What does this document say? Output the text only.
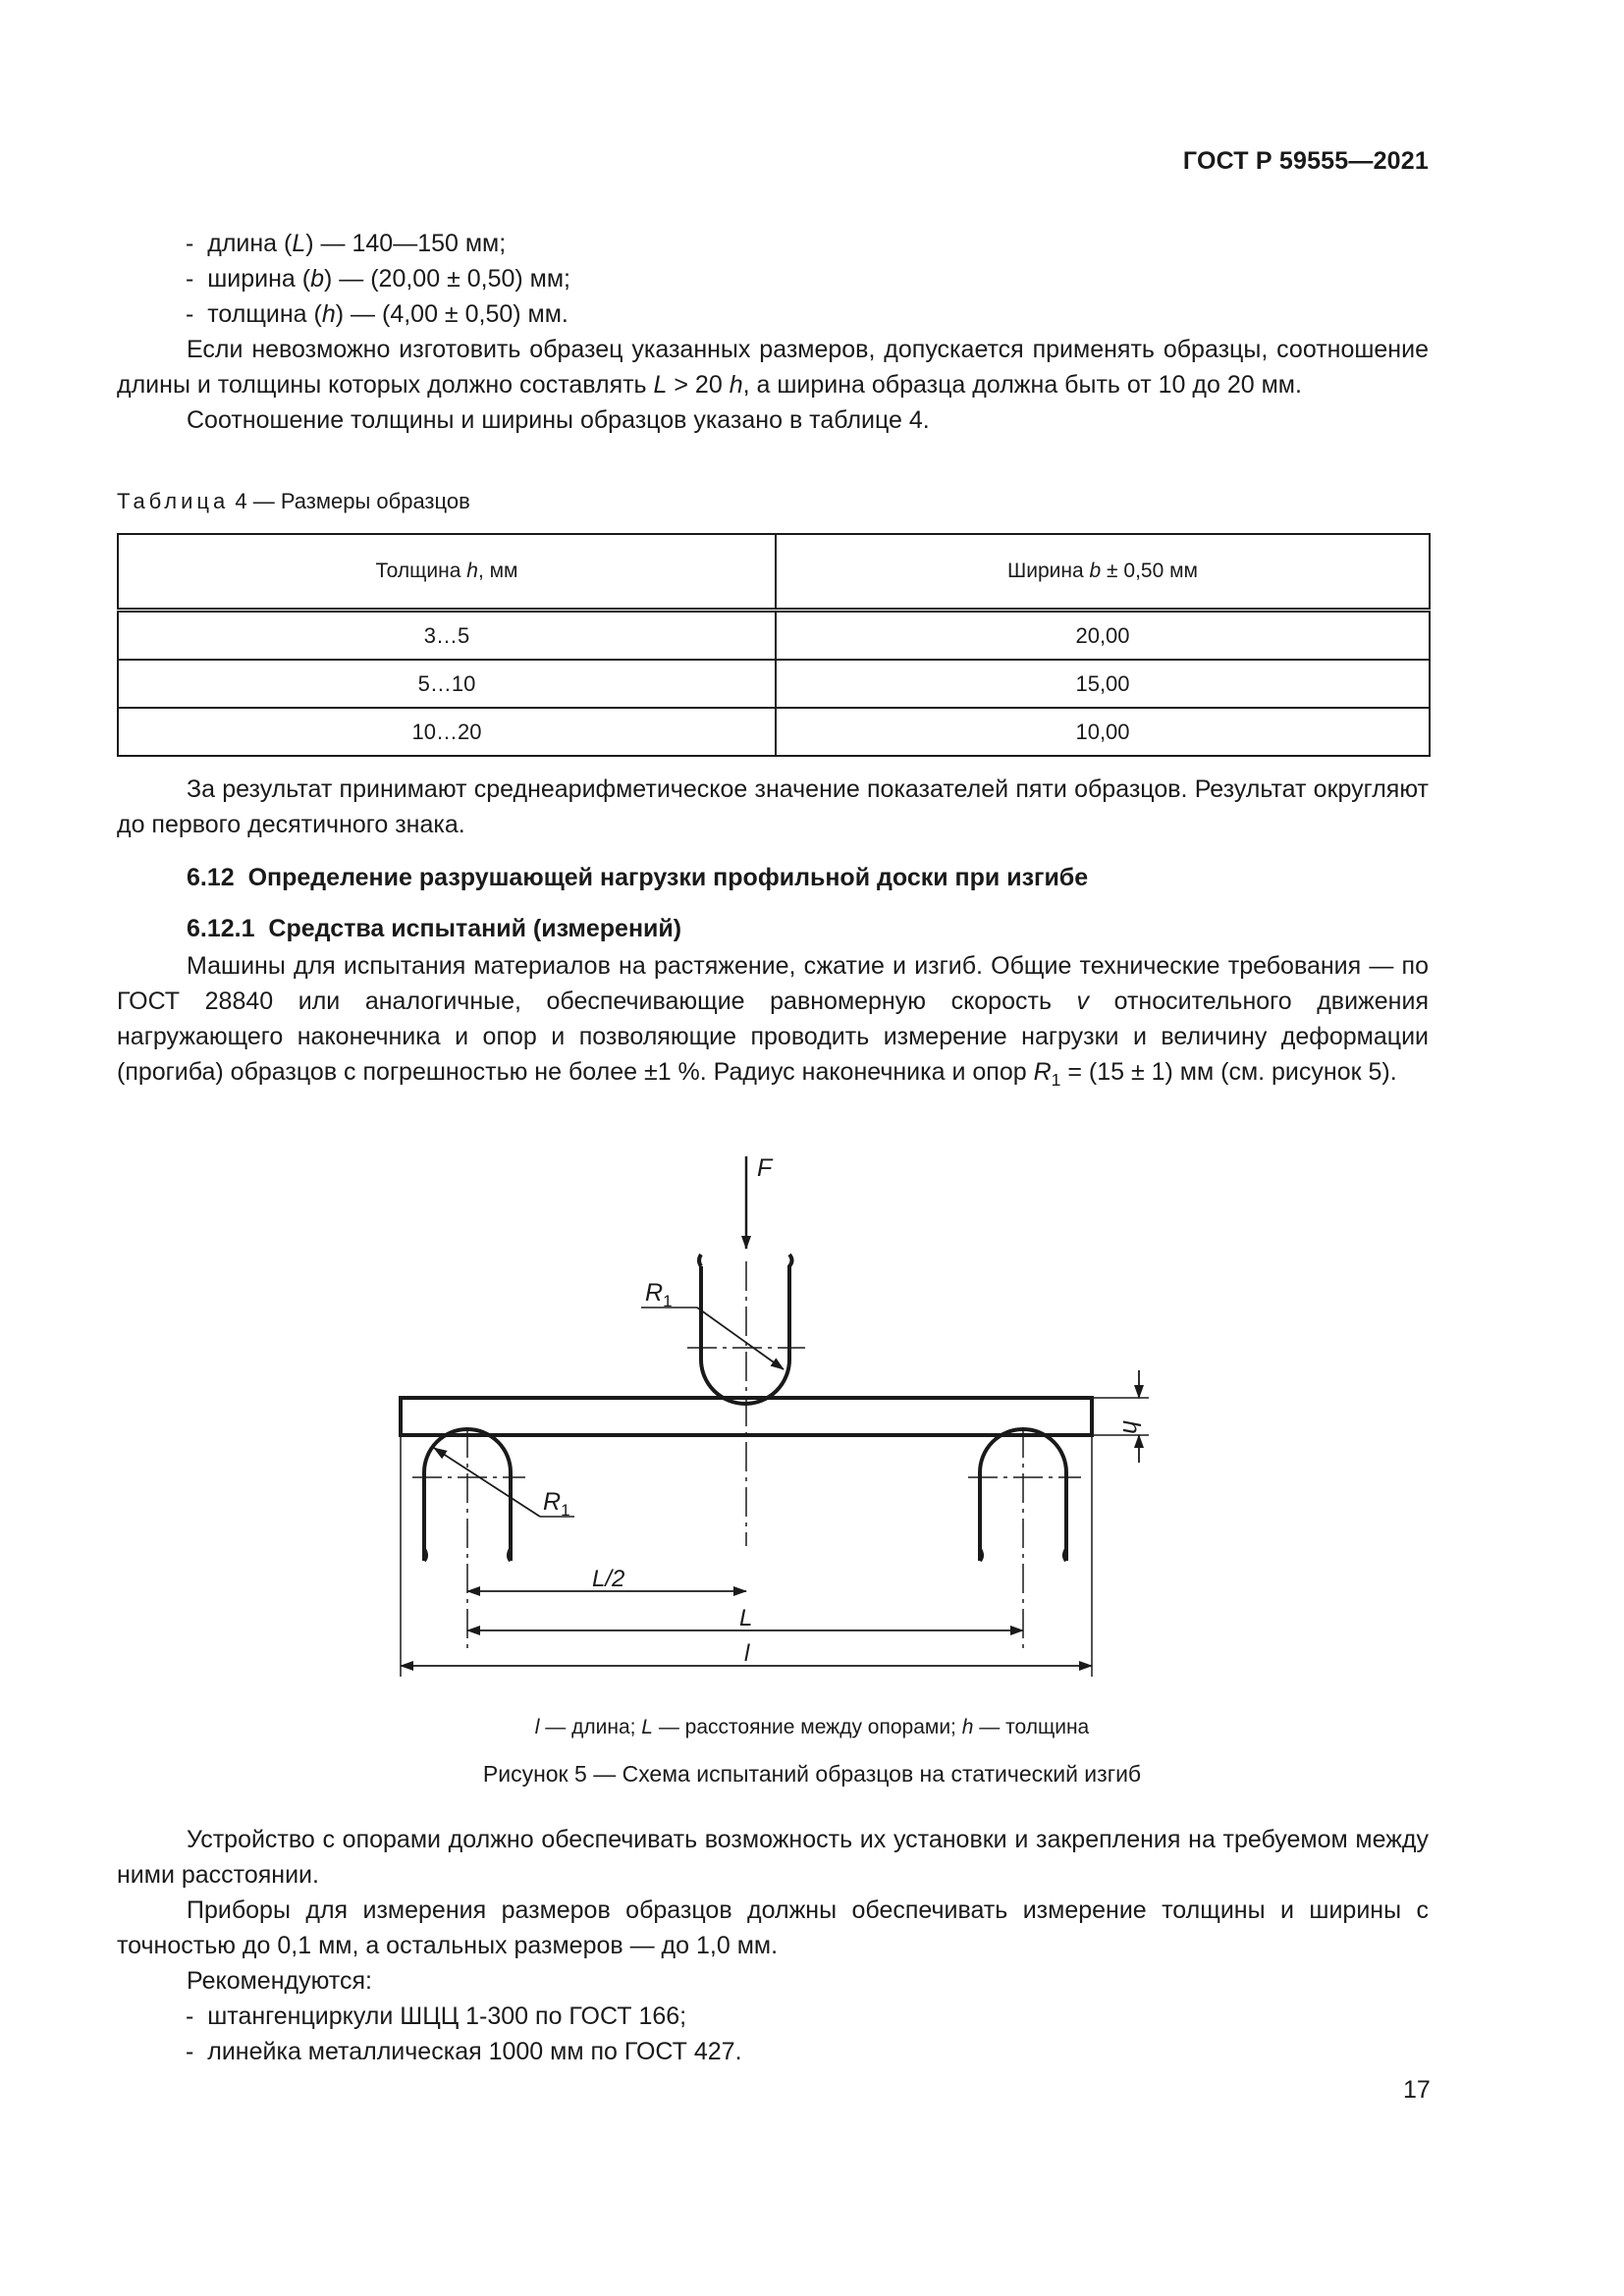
ГОСТ Р 59555—2021

- длина (L) — 140—150 мм;

- ширина (b) — (20,00 ± 0,50) мм;

- толщина (h) — (4,00 ± 0,50) мм.

Если невозможно изготовить образец указанных размеров, допускается применять образцы, соотношение длины и толщины которых должно составлять L > 20 h, а ширина образца должна быть от 10 до 20 мм.

Соотношение толщины и ширины образцов указано в таблице 4.

Таблица 4 — Размеры образцов
Толщина h, мм	Ширина b ± 0,50 мм
3…5	20,00
5…10	15,00
10…20	10,00

За результат принимают среднеарифметическое значение показателей пяти образцов. Результат округляют до первого десятичного знака.

6.12 Определение разрушающей нагрузки профильной доски при изгибе
6.12.1 Средства испытаний (измерений)

Машины для испытания материалов на растяжение, сжатие и изгиб. Общие технические требования — по ГОСТ 28840 или аналогичные, обеспечивающие равномерную скорость v относительного движения нагружающего наконечника и опор и позволяющие проводить измерение нагрузки и величину деформации (прогиба) образцов с погрешностью не более ±1 %. Радиус наконечника и опор $R_1 = (15 \pm 1)$ мм (см. рисунок 5).

F
$R_1$
$R_1$
h
L/2
L
l
l — длина; L — расстояние между опорами; h — толщина
Рисунок 5 — Схема испытаний образцов на статический изгиб

Устройство с опорами должно обеспечивать возможность их установки и закрепления на требуемом между ними расстоянии.

Приборы для измерения размеров образцов должны обеспечивать измерение толщины и ширины с точностью до 0,1 мм, а остальных размеров — до 1,0 мм.

Рекомендуются:

- штангенциркули ШЦЦ 1-300 по ГОСТ 166;

- линейка металлическая 1000 мм по ГОСТ 427.

17
